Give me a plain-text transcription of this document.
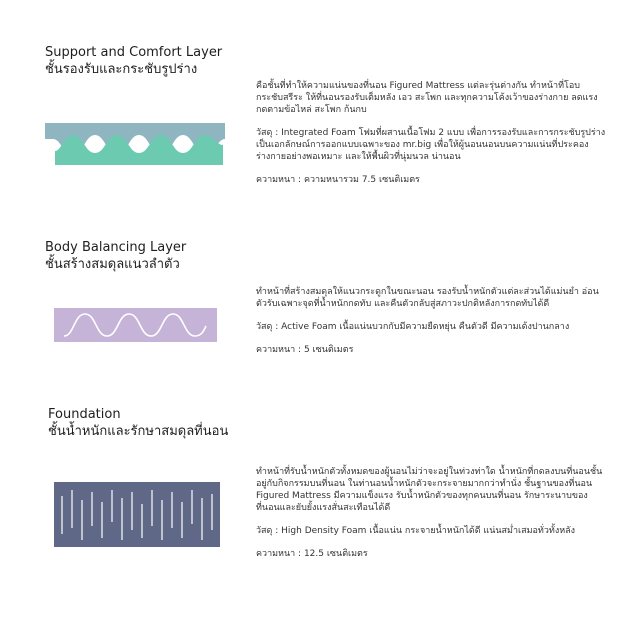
Support and Comfort Layer
ชั้นรองรับและกระชับรูปร่าง

คือชั้นที่ทำให้ความแน่นของที่นอน Figured Mattress แต่ละรุ่นต่างกัน ทำหน้าที่โอบกระชับสรีระ ให้ที่นอนรองรับเต็มหลัง เอว สะโพก และทุกความโค้งเว้าของร่างกาย ลดแรงกดตามข้อไหล่ สะโพก ก้นกบ

วัสดุ : Integrated Foam โฟมที่ผสานเนื้อโฟม 2 แบบ เพื่อการรองรับและการกระชับรูปร่าง เป็นเอกลักษณ์การออกแบบเฉพาะของ mr.big เพื่อให้ผู้นอนนอนบนความแน่นที่ประคองร่างกายอย่างพอเหมาะ และให้พื้นผิวที่นุ่มนวล น่านอน

ความหนา : ความหนารวม 7.5 เซนติเมตร

Body Balancing Layer
ชั้นสร้างสมดุลแนวลำตัว

ทำหน้าที่สร้างสมดุลให้แนวกระดูกในขณะนอน รองรับน้ำหนักตัวแต่ละส่วนได้แม่นยำ อ่อนตัวรับเฉพาะจุดที่น้ำหนักกดทับ และคืนตัวกลับสู่สภาวะปกติหลังการกดทับได้ดี

วัสดุ : Active Foam เนื้อแน่นบวกกับมีความยืดหยุ่น คืนตัวดี มีความเด้งปานกลาง

ความหนา : 5 เซนติเมตร

Foundation
ชั้นน้ำหนักและรักษาสมดุลที่นอน

ทำหน้าที่รับน้ำหนักตัวทั้งหมดของผู้นอนไม่ว่าจะอยู่ในท่วงท่าใด น้ำหนักที่กดลงบนที่นอนชั้นอยู่กับกิจกรรมบนที่นอน ในท่านอนน้ำหนักตัวจะกระจายมากกว่าทำนั่ง ชั้นฐานของที่นอน Figured Mattress มีความแข็งแรง รับน้ำหนักตัวของทุกคนบนที่นอน รักษาระนาบของที่นอนและยับยั้งแรงสั่นสะเทือนได้ดี

วัสดุ : High Density Foam เนื้อแน่น กระจายน้ำหนักได้ดี แน่นสม่ำเสมอทั่วทั้งหลัง

ความหนา : 12.5 เซนติเมตร
